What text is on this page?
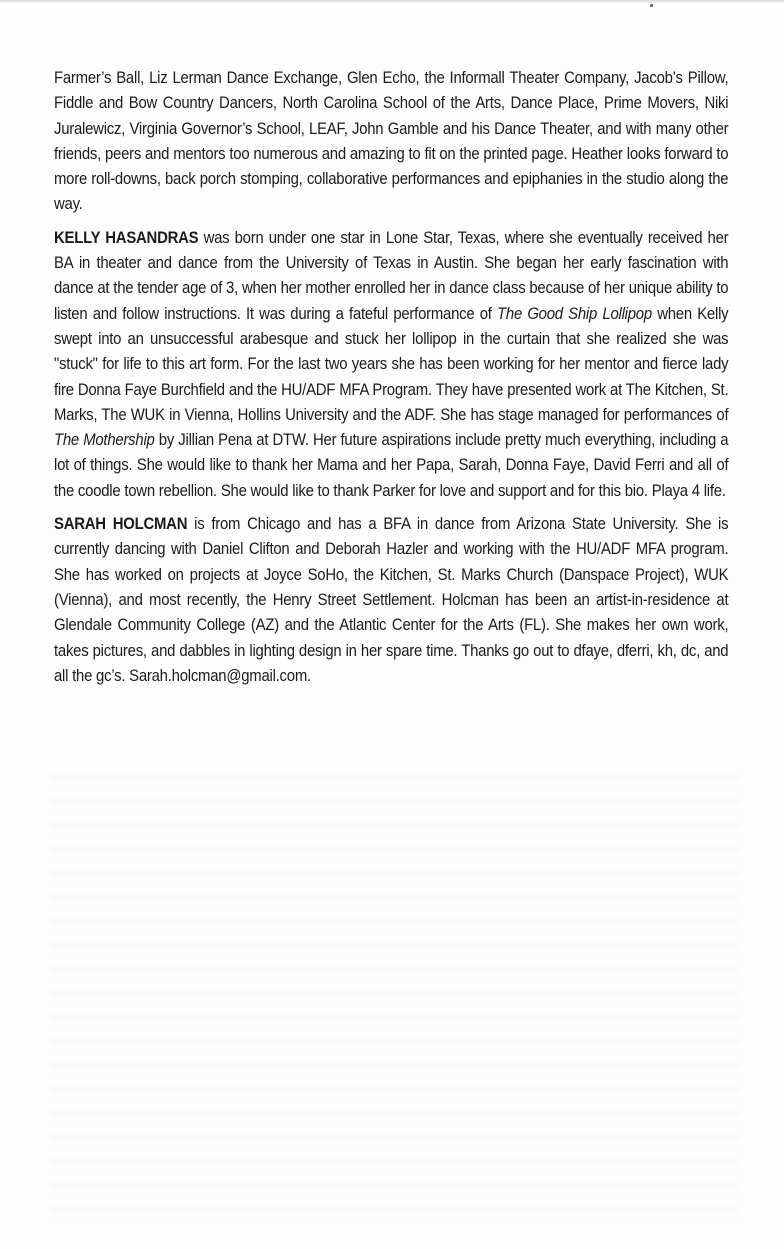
Farmer’s Ball, Liz Lerman Dance Exchange, Glen Echo, the Informall Theater Company, Jacob’s Pillow, Fiddle and Bow Country Dancers, North Carolina School of the Arts, Dance Place, Prime Movers, Niki Juralewicz, Virginia Governor’s School, LEAF, John Gamble and his Dance Theater, and with many other friends, peers and mentors too numerous and amazing to fit on the printed page. Heather looks forward to more roll-downs, back porch stomping, collaborative performances and epiphanies in the studio along the way.

KELLY HASANDRAS was born under one star in Lone Star, Texas, where she eventually received her BA in theater and dance from the University of Texas in Austin. She began her early fascination with dance at the tender age of 3, when her mother enrolled her in dance class because of her unique ability to listen and follow instructions. It was during a fateful performance of The Good Ship Lollipop when Kelly swept into an unsuccessful arabesque and stuck her lollipop in the curtain that she realized she was "stuck" for life to this art form. For the last two years she has been working for her mentor and fierce lady fire Donna Faye Burchfield and the HU/ADF MFA Program. They have presented work at The Kitchen, St. Marks, The WUK in Vienna, Hollins University and the ADF. She has stage managed for performances of The Mothership by Jillian Pena at DTW. Her future aspirations include pretty much everything, including a lot of things. She would like to thank her Mama and her Papa, Sarah, Donna Faye, David Ferri and all of the coodle town rebellion. She would like to thank Parker for love and support and for this bio. Playa 4 life.

SARAH HOLCMAN is from Chicago and has a BFA in dance from Arizona State University. She is currently dancing with Daniel Clifton and Deborah Hazler and working with the HU/ADF MFA program. She has worked on projects at Joyce SoHo, the Kitchen, St. Marks Church (Danspace Project), WUK (Vienna), and most recently, the Henry Street Settlement. Holcman has been an artist-in-residence at Glendale Community College (AZ) and the Atlantic Center for the Arts (FL). She makes her own work, takes pictures, and dabbles in lighting design in her spare time. Thanks go out to dfaye, dferri, kh, dc, and all the gc’s. Sarah.holcman@gmail.com.
